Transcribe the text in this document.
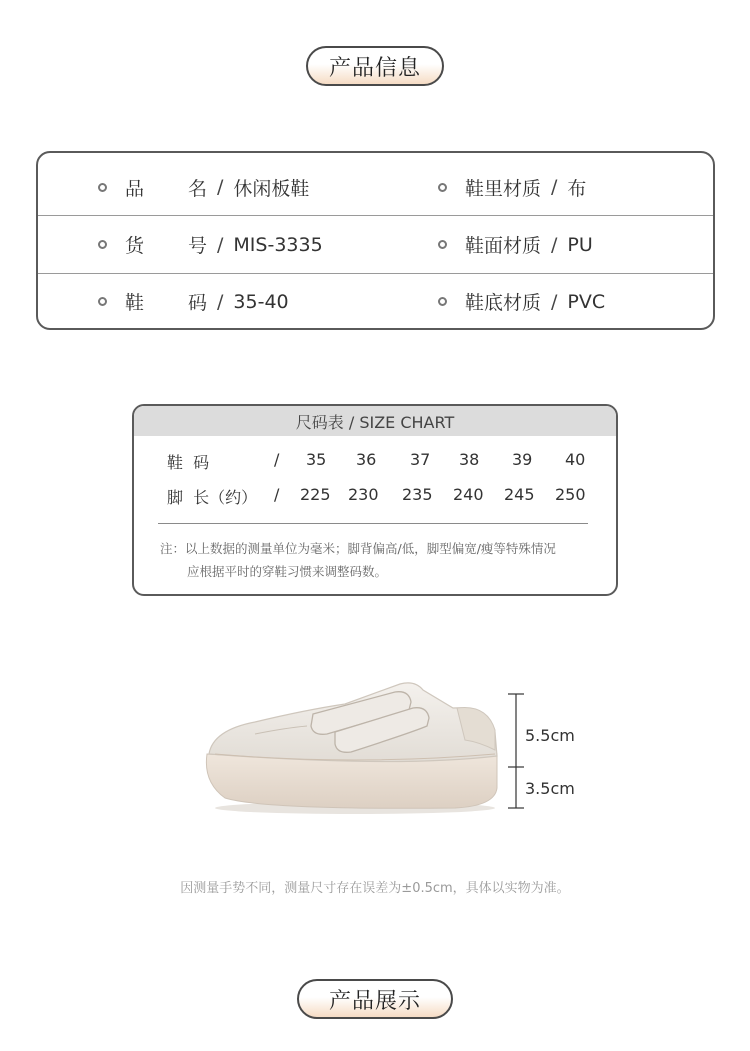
产品信息
品 名 / 休闲板鞋	鞋里材质 / 布
货 号 / MIS-3335	鞋面材质 / PU
鞋 码 / 35-40	鞋底材质 / PVC
尺码表 / SIZE CHART
鞋  码	/ 35 36 37 38 39 40
脚  长（约） / 225 230 235 240 245 250
注：以上数据的测量单位为毫米；脚背偏高/低，脚型偏宽/瘦等特殊情况
应根据平时的穿鞋习惯来调整码数。
5.5cm
3.5cm
因测量手势不同，测量尺寸存在误差为±0.5cm，具体以实物为准。
产品展示
